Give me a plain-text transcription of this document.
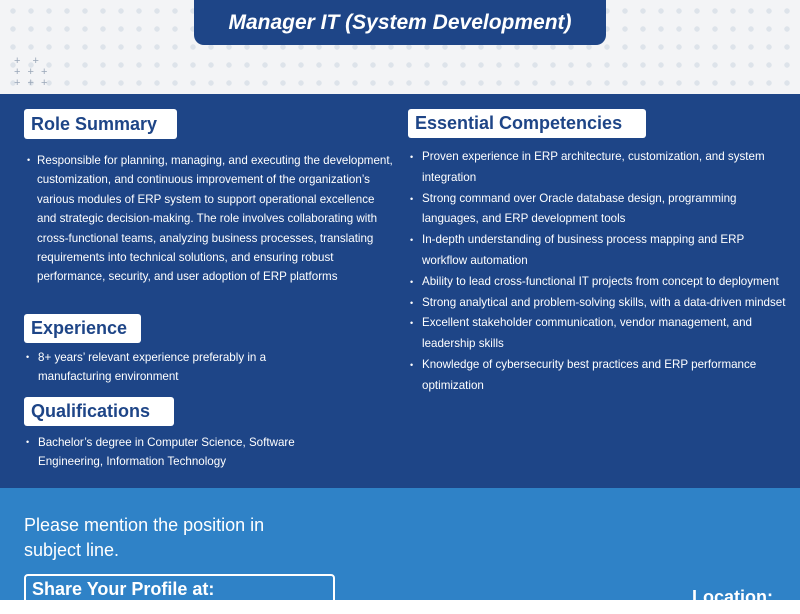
+  +
+ + +
+ + +
Manager IT (System Development)
Role Summary
• Responsible for planning, managing, and executing the development, customization, and continuous improvement of the organization’s various modules of ERP system to support operational excellence and strategic decision-making. The role involves collaborating with cross-functional teams, analyzing business processes, translating requirements into technical solutions, and ensuring robust performance, security, and user adoption of ERP platforms
Experience
• 8+ years’ relevant experience preferably in a manufacturing environment
Qualifications
• Bachelor’s degree in Computer Science, Software Engineering, Information Technology
Essential Competencies
• Proven experience in ERP architecture, customization, and system integration
• Strong command over Oracle database design, programming languages, and ERP development tools
• In-depth understanding of business process mapping and ERP workflow automation
• Ability to lead cross-functional IT projects from concept to deployment
• Strong analytical and problem-solving skills, with a data-driven mindset
• Excellent stakeholder communication, vendor management, and leadership skills
• Knowledge of cybersecurity best practices and ERP performance optimization
Please mention the position in subject line.
Share Your Profile at:	Location:
